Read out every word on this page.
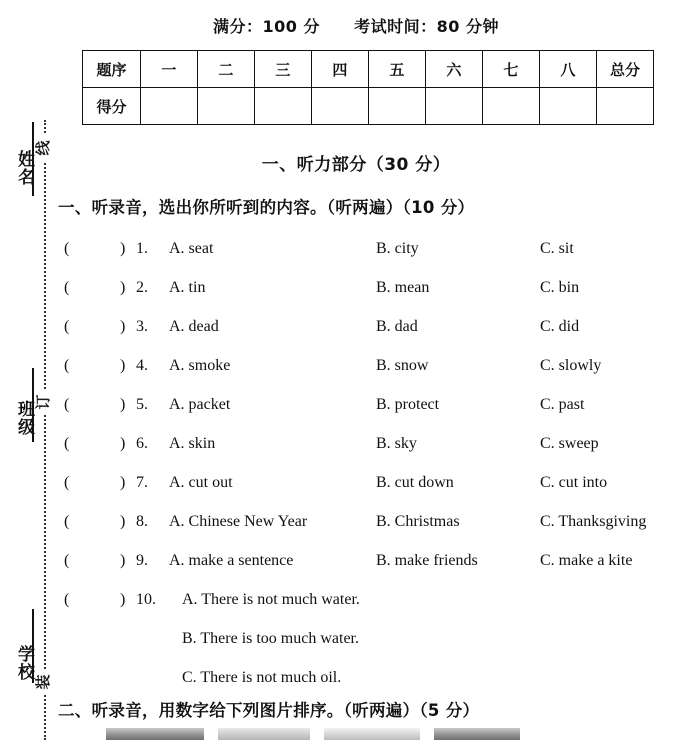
线
订
装
姓名
班级
学校
满分：100 分 考试时间：80 分钟
题序	一	二	三	四	五	六	七	八	总分
得分									
一、听力部分（30 分）
一、听录音，选出你所听到的内容。（听两遍）（10 分）
(	) 1. A. seat	B. city	C. sit
(	) 2. A. tin	B. mean	C. bin
(	) 3. A. dead	B. dad	C. did
(	) 4. A. smoke	B. snow	C. slowly
(	) 5. A. packet	B. protect	C. past
(	) 6. A. skin	B. sky	C. sweep
(	) 7. A. cut out	B. cut down	C. cut into
(	) 8. A. Chinese New Year	B. Christmas	C. Thanksgiving
(	) 9. A. make a sentence	B. make friends	C. make a kite
(	) 10. A. There is not much water.
B. There is too much water.
C. There is not much oil.
二、听录音，用数字给下列图片排序。（听两遍）（5 分）
